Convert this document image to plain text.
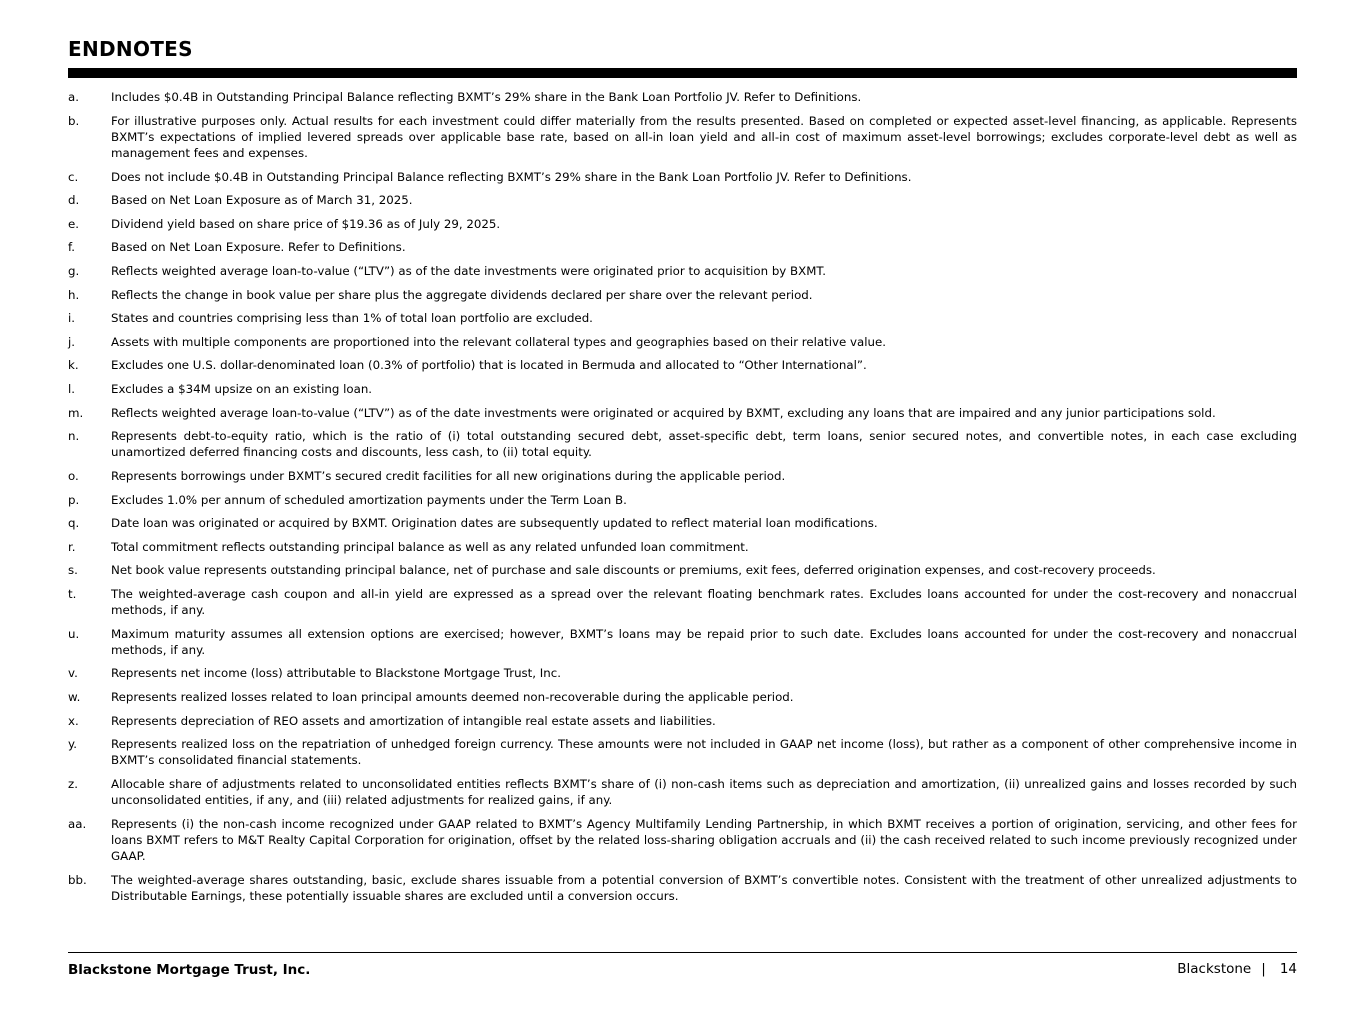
ENDNOTES
a.	Includes $0.4B in Outstanding Principal Balance reflecting BXMT’s 29% share in the Bank Loan Portfolio JV. Refer to Definitions.
b.	For illustrative purposes only. Actual results for each investment could differ materially from the results presented. Based on completed or expected asset-level financing, as applicable. Represents BXMT’s expectations of implied levered spreads over applicable base rate, based on all-in loan yield and all-in cost of maximum asset-level borrowings; excludes corporate-level debt as well as management fees and expenses.
c.	Does not include $0.4B in Outstanding Principal Balance reflecting BXMT’s 29% share in the Bank Loan Portfolio JV. Refer to Definitions.
d.	Based on Net Loan Exposure as of March 31, 2025.
e.	Dividend yield based on share price of $19.36 as of July 29, 2025.
f.	Based on Net Loan Exposure. Refer to Definitions.
g.	Reflects weighted average loan-to-value (“LTV”) as of the date investments were originated prior to acquisition by BXMT.
h.	Reflects the change in book value per share plus the aggregate dividends declared per share over the relevant period.
i.	States and countries comprising less than 1% of total loan portfolio are excluded.
j.	Assets with multiple components are proportioned into the relevant collateral types and geographies based on their relative value.
k.	Excludes one U.S. dollar-denominated loan (0.3% of portfolio) that is located in Bermuda and allocated to “Other International”.
l.	Excludes a $34M upsize on an existing loan.
m.	Reflects weighted average loan-to-value (“LTV”) as of the date investments were originated or acquired by BXMT, excluding any loans that are impaired and any junior participations sold.
n.	Represents debt-to-equity ratio, which is the ratio of (i) total outstanding secured debt, asset-specific debt, term loans, senior secured notes, and convertible notes, in each case excluding unamortized deferred financing costs and discounts, less cash, to (ii) total equity.
o.	Represents borrowings under BXMT’s secured credit facilities for all new originations during the applicable period.
p.	Excludes 1.0% per annum of scheduled amortization payments under the Term Loan B.
q.	Date loan was originated or acquired by BXMT. Origination dates are subsequently updated to reflect material loan modifications.
r.	Total commitment reflects outstanding principal balance as well as any related unfunded loan commitment.
s.	Net book value represents outstanding principal balance, net of purchase and sale discounts or premiums, exit fees, deferred origination expenses, and cost-recovery proceeds.
t.	The weighted-average cash coupon and all-in yield are expressed as a spread over the relevant floating benchmark rates. Excludes loans accounted for under the cost-recovery and nonaccrual methods, if any.
u.	Maximum maturity assumes all extension options are exercised; however, BXMT’s loans may be repaid prior to such date. Excludes loans accounted for under the cost-recovery and nonaccrual methods, if any.
v.	Represents net income (loss) attributable to Blackstone Mortgage Trust, Inc.
w.	Represents realized losses related to loan principal amounts deemed non-recoverable during the applicable period.
x.	Represents depreciation of REO assets and amortization of intangible real estate assets and liabilities.
y.	Represents realized loss on the repatriation of unhedged foreign currency. These amounts were not included in GAAP net income (loss), but rather as a component of other comprehensive income in BXMT’s consolidated financial statements.
z.	Allocable share of adjustments related to unconsolidated entities reflects BXMT’s share of (i) non-cash items such as depreciation and amortization, (ii) unrealized gains and losses recorded by such unconsolidated entities, if any, and (iii) related adjustments for realized gains, if any.
aa.	Represents (i) the non-cash income recognized under GAAP related to BXMT’s Agency Multifamily Lending Partnership, in which BXMT receives a portion of origination, servicing, and other fees for loans BXMT refers to M&T Realty Capital Corporation for origination, offset by the related loss-sharing obligation accruals and (ii) the cash received related to such income previously recognized under GAAP.
bb.	The weighted-average shares outstanding, basic, exclude shares issuable from a potential conversion of BXMT’s convertible notes. Consistent with the treatment of other unrealized adjustments to Distributable Earnings, these potentially issuable shares are excluded until a conversion occurs.
Blackstone Mortgage Trust, Inc.	Blackstone | 14
